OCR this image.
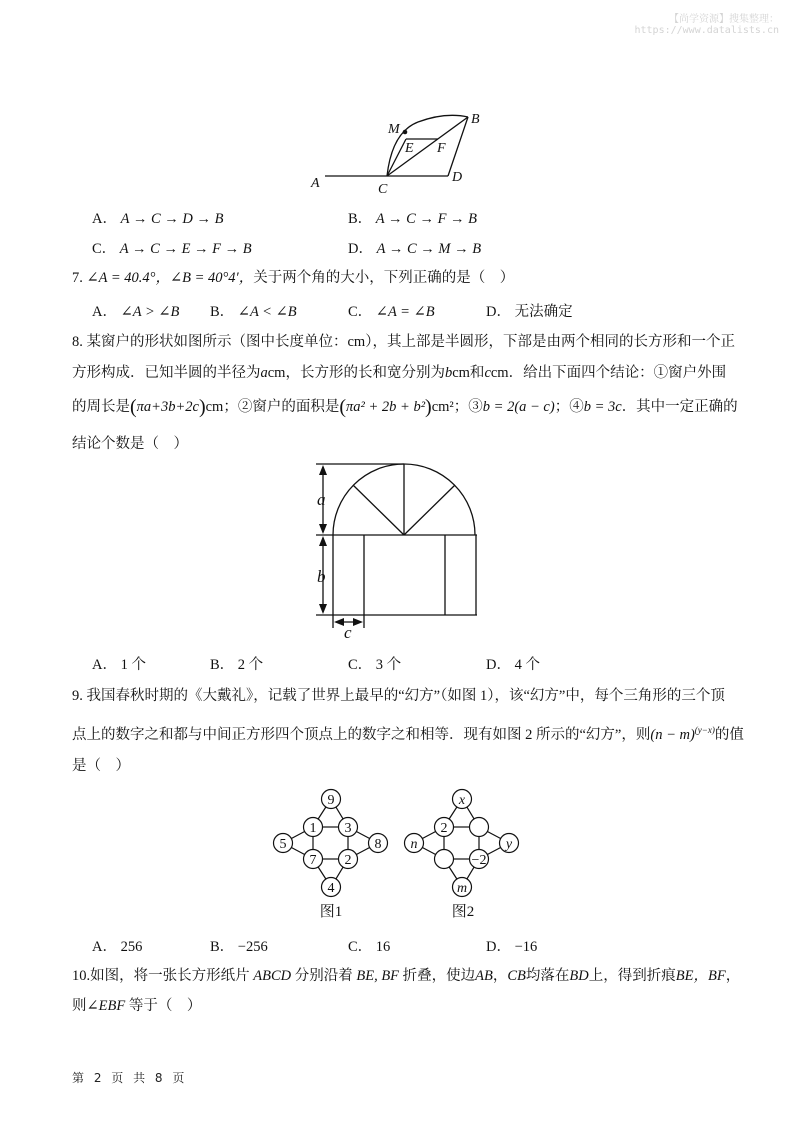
【尚学资源】搜集整理：
https://www.datalists.cn
A	C
D
B
M
E F
A． A → C → D → B	B． A → C → F → B
C． A → C → E → F → B	D． A → C → M → B
7. ∠A = 40.4°，∠B = 40°4′，关于两个角的大小，下列正确的是（　）
A． ∠A > ∠B B． ∠A < ∠B	C． ∠A = ∠B	D． 无法确定
8. 某窗户的形状如图所示（图中长度单位：cm），其上部是半圆形，下部是由两个相同的长方形和一个正
方形构成．已知半圆的半径为acm，长方形的长和宽分别为bcm和ccm．给出下面四个结论：①窗户外围
的周长是(πa+3b+2c)cm；②窗户的面积是(πa² + 2b + b²)cm²；③b = 2(a − c)；④b = 3c．其中一定正确的
结论个数是（　）
a
b
c
A． 1 个	B． 2 个	C． 3 个	D． 4 个
9. 我国春秋时期的《大戴礼》，记载了世界上最早的“幻方”（如图 1），该“幻方”中，每个三角形的三个顶
点上的数字之和都与中间正方形四个顶点上的数字之和相等．现有如图 2 所示的“幻方”，则$(n - m)^{(y-x)}$的值
是（　）
9
1 3
5	8
7 2
4
x
2
n	y
−2
m
图1	图2
A． 256	B． −256	C． 16	D． −16
10.如图，将一张长方形纸片 ABCD 分别沿着 BE, BF 折叠，使边AB，CB均落在BD上，得到折痕BE，BF，
则∠EBF 等于（　）
第 2 页 共 8 页
